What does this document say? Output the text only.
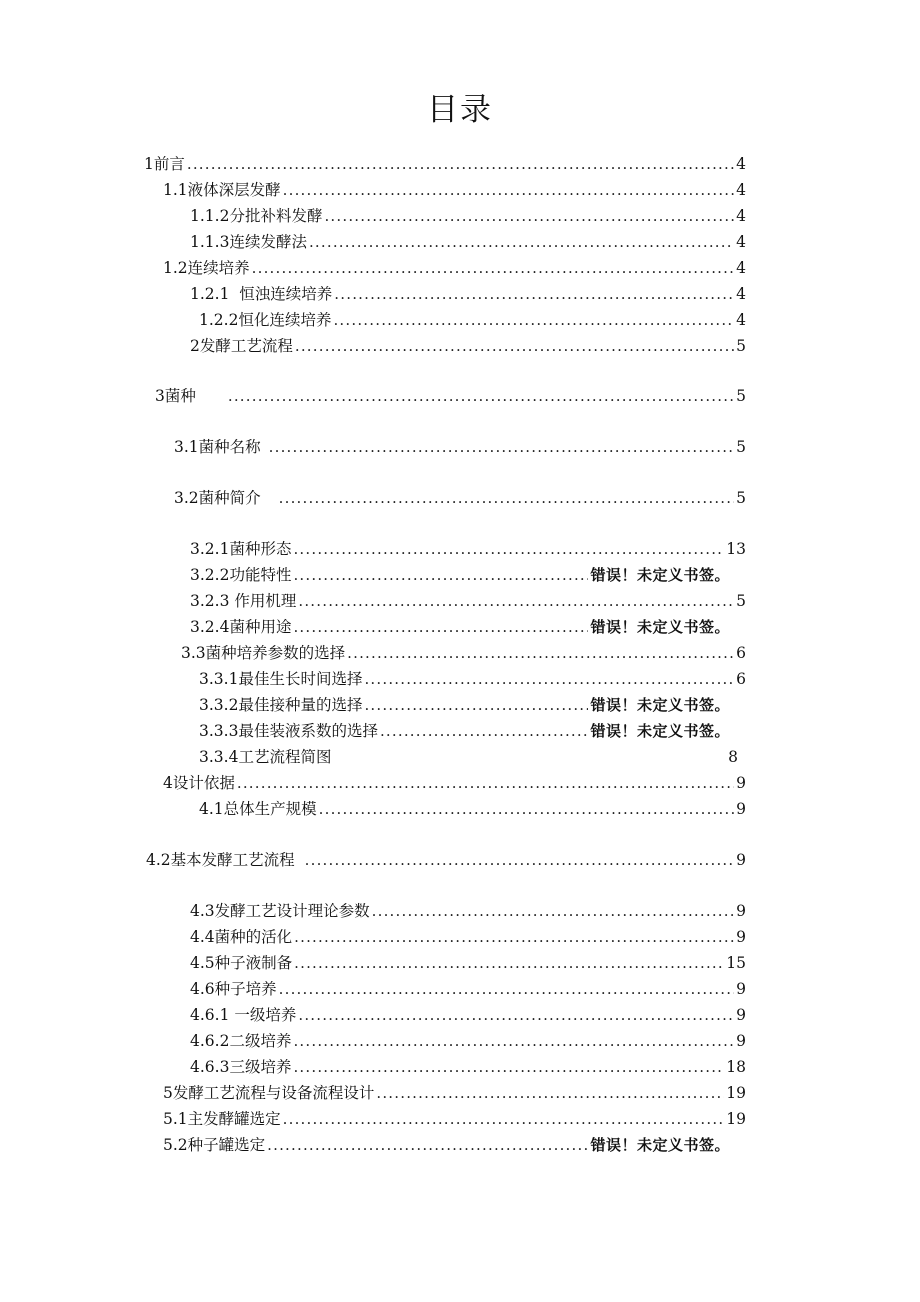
目录
1前言 .....	4
1.1液体深层发酵 .....	4
1.1.2分批补料发酵 .....	4
1.1.3连续发酵法 .....	4
1.2连续培养 .....	4
1.2.1  恒浊连续培养 .....	4
1.2.2恒化连续培养 .....	4
2发酵工艺流程 .....	5
3菌种 .....	5
3.1菌种名称 .....	5
3.2菌种简介 .....	5
3.2.1菌种形态 .....	13
3.2.2功能特性 .....	错误！未定义书签。
3.2.3 作用机理 .....	5
3.2.4菌种用途 .....	错误！未定义书签。
3.3菌种培养参数的选择 .....	6
3.3.1最佳生长时间选择 .....	6
3.3.2最佳接种量的选择 .....	错误！未定义书签。
3.3.3最佳装液系数的选择 .....	错误！未定义书签。
3.3.4工艺流程简图	8
4设计依据 .....	9
4.1总体生产规模 .....	9
4.2基本发酵工艺流程 .....	9
4.3发酵工艺设计理论参数 .....	9
4.4菌种的活化 .....	9
4.5种子液制备 .....	15
4.6种子培养 .....	9
4.6.1 一级培养 .....	9
4.6.2二级培养 .....	9
4.6.3三级培养 .....	18
5发酵工艺流程与设备流程设计 .....	19
5.1主发酵罐选定 .....	19
5.2种子罐选定 .....	错误！未定义书签。
